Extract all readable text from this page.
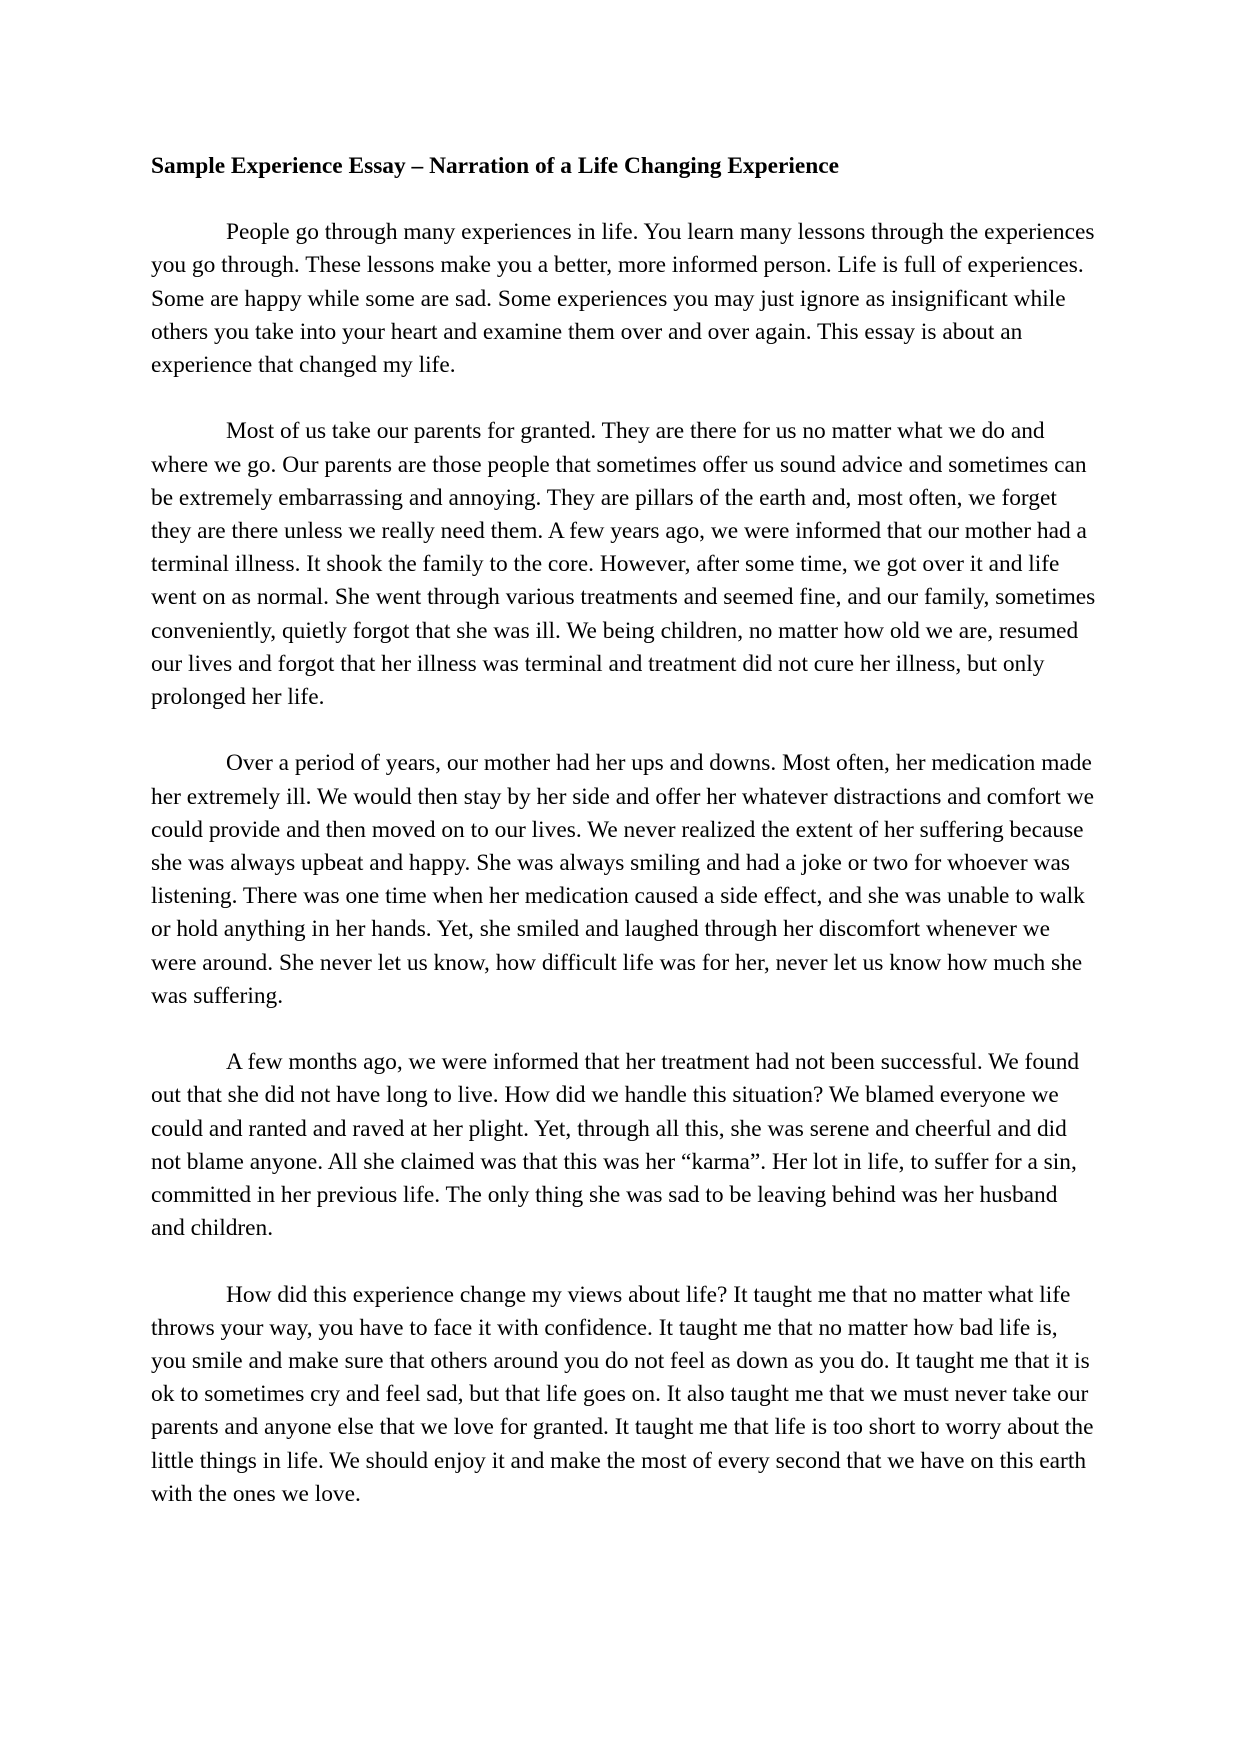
Sample Experience Essay – Narration of a Life Changing Experience

People go through many experiences in life. You learn many lessons through the experiences you go through. These lessons make you a better, more informed person. Life is full of experiences. Some are happy while some are sad. Some experiences you may just ignore as insignificant while others you take into your heart and examine them over and over again. This essay is about an experience that changed my life.

Most of us take our parents for granted. They are there for us no matter what we do and where we go. Our parents are those people that sometimes offer us sound advice and sometimes can be extremely embarrassing and annoying. They are pillars of the earth and, most often, we forget they are there unless we really need them. A few years ago, we were informed that our mother had a terminal illness. It shook the family to the core. However, after some time, we got over it and life went on as normal. She went through various treatments and seemed fine, and our family, sometimes conveniently, quietly forgot that she was ill. We being children, no matter how old we are, resumed our lives and forgot that her illness was terminal and treatment did not cure her illness, but only prolonged her life.

Over a period of years, our mother had her ups and downs. Most often, her medication made her extremely ill. We would then stay by her side and offer her whatever distractions and comfort we could provide and then moved on to our lives. We never realized the extent of her suffering because she was always upbeat and happy. She was always smiling and had a joke or two for whoever was listening. There was one time when her medication caused a side effect, and she was unable to walk or hold anything in her hands. Yet, she smiled and laughed through her discomfort whenever we were around. She never let us know, how difficult life was for her, never let us know how much she was suffering.

A few months ago, we were informed that her treatment had not been successful. We found out that she did not have long to live. How did we handle this situation? We blamed everyone we could and ranted and raved at her plight. Yet, through all this, she was serene and cheerful and did not blame anyone. All she claimed was that this was her “karma”. Her lot in life, to suffer for a sin, committed in her previous life. The only thing she was sad to be leaving behind was her husband and children.

How did this experience change my views about life? It taught me that no matter what life throws your way, you have to face it with confidence. It taught me that no matter how bad life is, you smile and make sure that others around you do not feel as down as you do. It taught me that it is ok to sometimes cry and feel sad, but that life goes on. It also taught me that we must never take our parents and anyone else that we love for granted. It taught me that life is too short to worry about the little things in life. We should enjoy it and make the most of every second that we have on this earth with the ones we love.
